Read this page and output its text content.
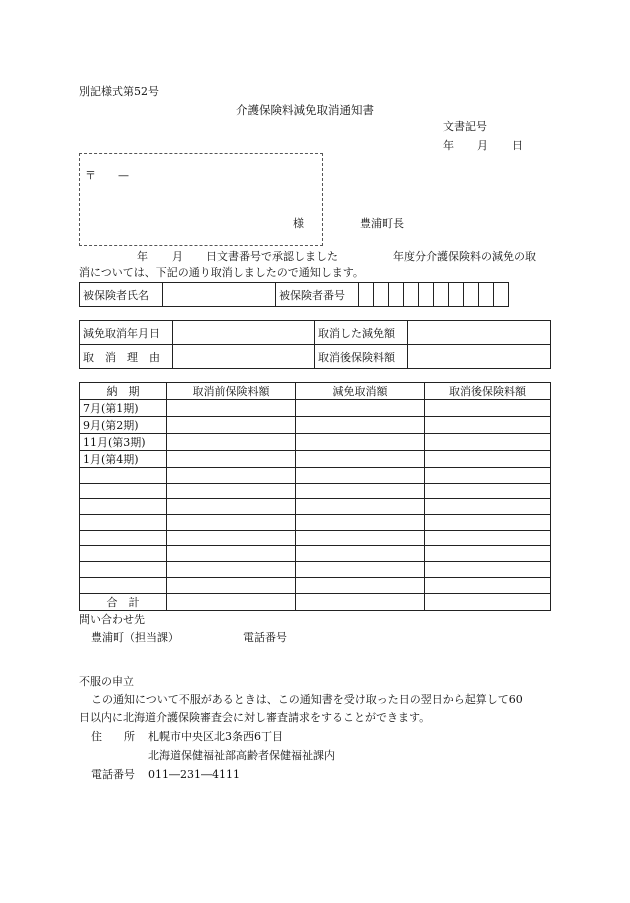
別記様式第52号
介護保険料減免取消通知書
文書記号
年 月 日
〒 —
様	豊浦町長
年 月 日文書番号で承認しました	年度分介護保険料の減免の取
消については、下記の通り取消しましたので通知します。
被保険者氏名		被保険者番号										
減免取消年月日		取消した減免額	
取　消　理　由		取消後保険料額	
納　期	取消前保険料額	減免取消額	取消後保険料額
7月(第1期)			
9月(第2期)			
11月(第3期)			
1月(第4期)			

合　計			
問い合わせ先
豊浦町（担当課）	電話番号
不服の申立
この通知について不服があるときは、この通知書を受け取った日の翌日から起算して60
日以内に北海道介護保険審査会に対し審査請求をすることができます。
住　　所 札幌市中央区北3条西6丁目
北海道保健福祉部高齢者保健福祉課内
電話番号 011―231―4111
